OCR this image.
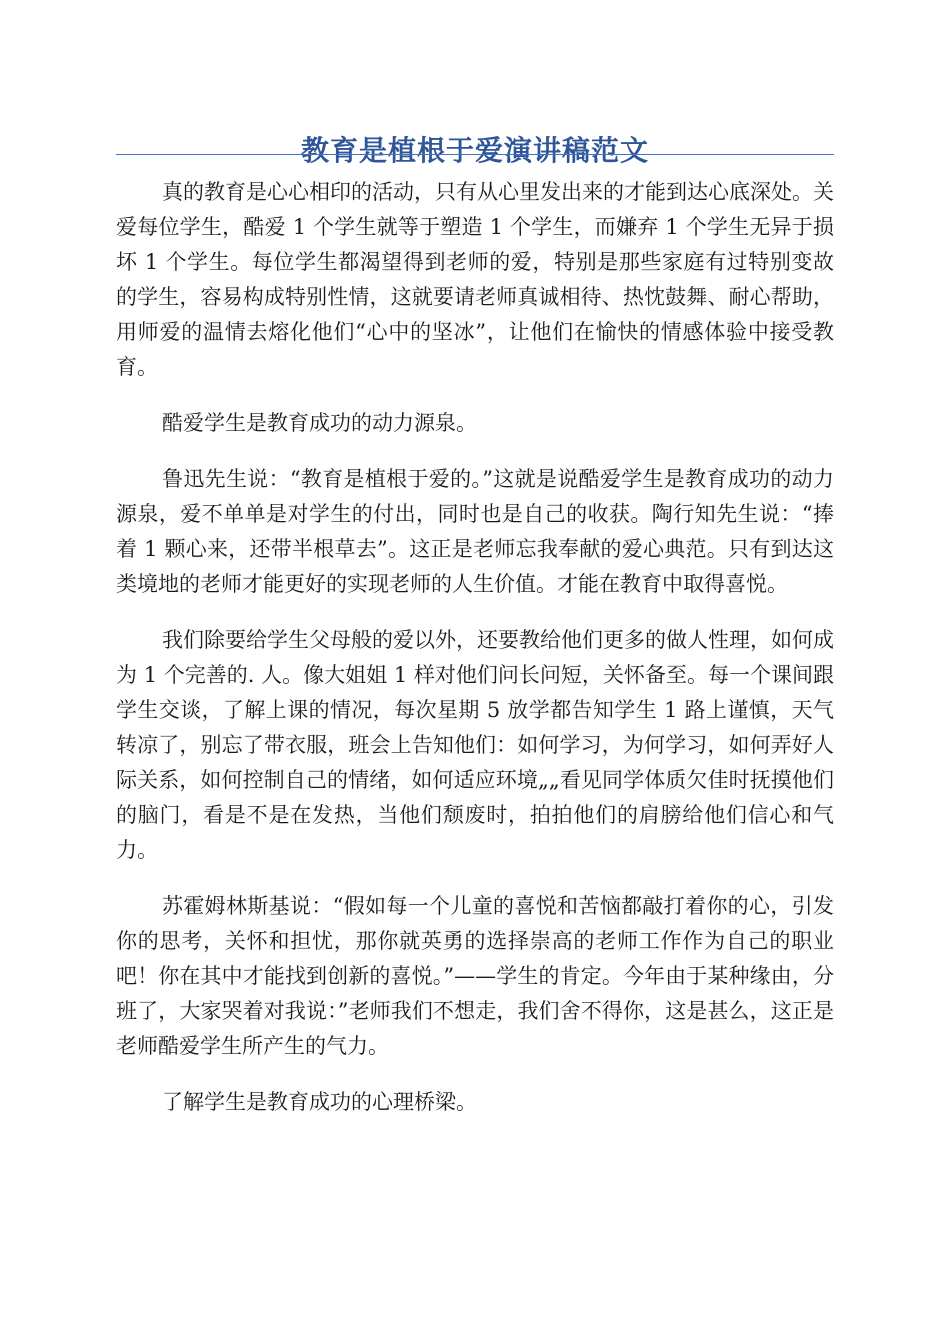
教育是植根于爱演讲稿范文

真的教育是心心相印的活动，只有从心里发出来的才能到达心底深处。关爱每位学生，酷爱 1 个学生就等于塑造 1 个学生，而嫌弃 1 个学生无异于损坏 1 个学生。每位学生都渴望得到老师的爱，特别是那些家庭有过特别变故的学生，容易构成特别性情，这就要请老师真诚相待、热忱鼓舞、耐心帮助，用师爱的温情去熔化他们“心中的坚冰”，让他们在愉快的情感体验中接受教育。

酷爱学生是教育成功的动力源泉。

鲁迅先生说：“教育是植根于爱的。”这就是说酷爱学生是教育成功的动力源泉，爱不单单是对学生的付出，同时也是自己的收获。陶行知先生说：“捧着 1 颗心来，还带半根草去”。这正是老师忘我奉献的爱心典范。只有到达这类境地的老师才能更好的实现老师的人生价值。才能在教育中取得喜悦。

我们除要给学生父母般的爱以外，还要教给他们更多的做人性理，如何成为 1 个完善的. 人。像大姐姐 1 样对他们问长问短，关怀备至。每一个课间跟学生交谈，了解上课的情况，每次星期 5 放学都告知学生 1 路上谨慎，天气转凉了，别忘了带衣服，班会上告知他们：如何学习，为何学习，如何弄好人际关系，如何控制自己的情绪，如何适应环境„„看见同学体质欠佳时抚摸他们的脑门，看是不是在发热，当他们颓废时，拍拍他们的肩膀给他们信心和气力。

苏霍姆林斯基说：“假如每一个儿童的喜悦和苦恼都敲打着你的心，引发你的思考，关怀和担忧，那你就英勇的选择崇高的老师工作作为自己的职业吧！你在其中才能找到创新的喜悦。”——学生的肯定。今年由于某种缘由，分班了，大家哭着对我说：”老师我们不想走，我们舍不得你，这是甚么，这正是老师酷爱学生所产生的气力。

了解学生是教育成功的心理桥梁。
